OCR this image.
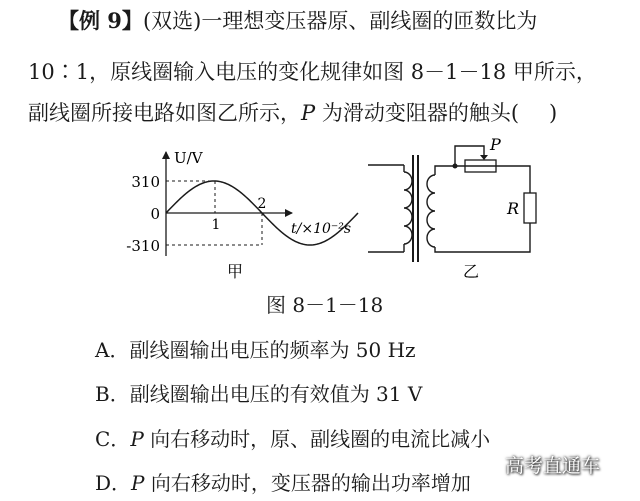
【例 9】(双选)一理想变压器原、副线圈的匝数比为
10∶1，原线圈输入电压的变化规律如图 8－1－18 甲所示，
副线圈所接电路如图乙所示，P 为滑动变阻器的触头( )
U/V
310
0
-310
1
2
t/×10⁻²s
甲
P
R
乙
图 8－1－18
A．副线圈输出电压的频率为 50 Hz
B．副线圈输出电压的有效值为 31 V
C．P 向右移动时，原、副线圈的电流比减小
D．P 向右移动时，变压器的输出功率增加
高考直通车
